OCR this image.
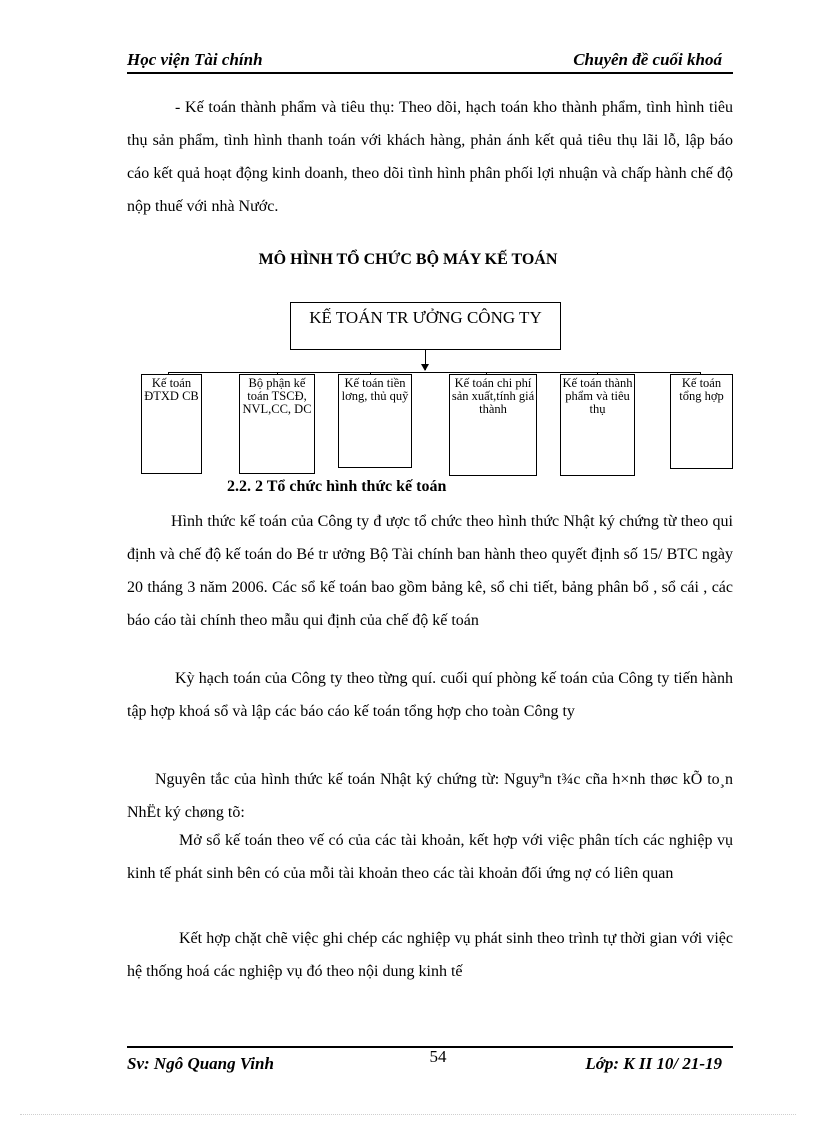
Học viện Tài chính	Chuyên đề cuối khoá
- Kế toán thành phẩm và tiêu thụ: Theo dõi, hạch toán kho thành phẩm, tình hình tiêu thụ sản phẩm, tình hình thanh toán với khách hàng, phản ánh kết quả tiêu thụ lãi lỗ, lập báo cáo kết quả hoạt động kinh doanh, theo dõi tình hình phân phối lợi nhuận và chấp hành chế độ nộp thuế với nhà Nước.
MÔ HÌNH TỔ CHỨC BỘ MÁY KẾ TOÁN
KẾ TOÁN TR ƯỞNG CÔNG TY
Kế toán ĐTXD CB
Bộ phận kế toán TSCĐ, NVL,CC, DC
Kế toán tiền lơng, thủ quỹ
Kế toán chi phí sản xuất,tính giá thành
Kế toán thành phẩm và tiêu thụ
Kế toán tổng hợp
2.2. 2 Tổ chức hình thức kế toán
Hình thức kế toán của Công ty đ ược tổ chức theo hình thức Nhật ký chứng từ theo qui định và chế độ kế toán do Bé tr ưởng Bộ Tài chính ban hành theo quyết định số 15/ BTC ngày 20 tháng 3 năm 2006. Các sổ kế toán bao gồm bảng kê, sổ chi tiết, bảng phân bổ , sổ cái , các báo cáo tài chính theo mẫu qui định của chế độ kế toán
Kỳ hạch toán của Công ty theo từng quí. cuối quí phòng kế toán của Công ty tiến hành tập hợp khoá sổ và lập các báo cáo kế toán tổng hợp cho toàn Công ty
Nguyên tắc của hình thức kế toán Nhật ký chứng từ: Nguyªn t¾c cña h×nh thøc kÕ to¸n NhËt ký chøng tõ:
Mở sổ kế toán theo vế có của các tài khoản, kết hợp với việc phân tích các nghiệp vụ kinh tế phát sinh bên có của mỗi tài khoản theo các tài khoản đối ứng nợ có liên quan
Kết hợp chặt chẽ việc ghi chép các nghiệp vụ phát sinh theo trình tự thời gian với việc hệ thống hoá các nghiệp vụ đó theo nội dung kinh tế
Sv: Ngô Quang Vinh	54	Lớp: K II 10/ 21-19
